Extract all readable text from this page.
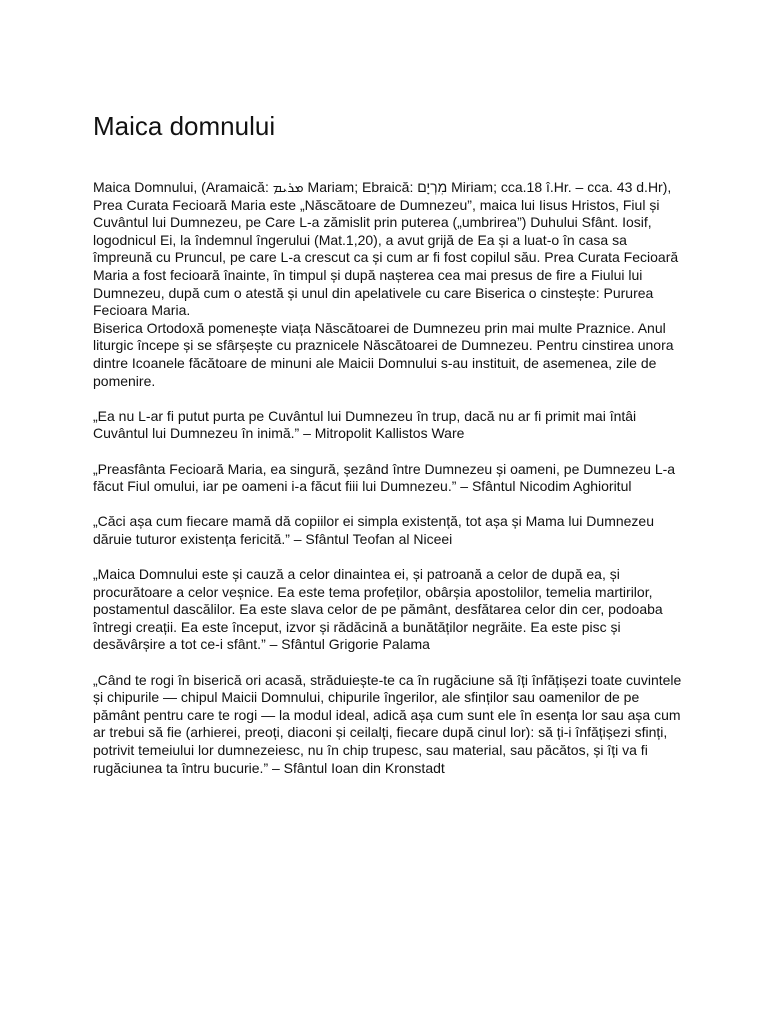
Maica domnului

Maica Domnului, (Aramaică: ܡܪܝܡ Mariam; Ebraică: מִרְיָם Miriam; cca.18 î.Hr. – cca. 43 d.Hr), Prea Curata Fecioară Maria este „Născătoare de Dumnezeu”, maica lui Iisus Hristos, Fiul și Cuvântul lui Dumnezeu, pe Care L-a zămislit prin puterea („umbrirea”) Duhului Sfânt. Iosif, logodnicul Ei, la îndemnul îngerului (Mat.1,20), a avut grijă de Ea și a luat-o în casa sa împreună cu Pruncul, pe care L-a crescut ca și cum ar fi fost copilul său. Prea Curata Fecioară Maria a fost fecioară înainte, în timpul și după nașterea cea mai presus de fire a Fiului lui Dumnezeu, după cum o atestă și unul din apelativele cu care Biserica o cinstește: Pururea Fecioara Maria.

Biserica Ortodoxă pomenește viața Născătoarei de Dumnezeu prin mai multe Praznice. Anul liturgic începe și se sfârșește cu praznicele Născătoarei de Dumnezeu. Pentru cinstirea unora dintre Icoanele făcătoare de minuni ale Maicii Domnului s-au instituit, de asemenea, zile de pomenire.

„Ea nu L-ar fi putut purta pe Cuvântul lui Dumnezeu în trup, dacă nu ar fi primit mai întâi Cuvântul lui Dumnezeu în inimă.” – Mitropolit Kallistos Ware

„Preasfânta Fecioară Maria, ea singură, șezând între Dumnezeu și oameni, pe Dumnezeu L-a făcut Fiul omului, iar pe oameni i-a făcut fiii lui Dumnezeu.” – Sfântul Nicodim Aghioritul

„Căci așa cum fiecare mamă dă copiilor ei simpla existență, tot așa și Mama lui Dumnezeu dăruie tuturor existența fericită.” – Sfântul Teofan al Niceei

„Maica Domnului este și cauză a celor dinaintea ei, și patroană a celor de după ea, și procurătoare a celor veșnice. Ea este tema profeților, obârșia apostolilor, temelia martirilor, postamentul dascălilor. Ea este slava celor de pe pământ, desfătarea celor din cer, podoaba întregi creații. Ea este început, izvor și rădăcină a bunătăților negrăite. Ea este pisc și desăvârșire a tot ce-i sfânt.” – Sfântul Grigorie Palama

„Când te rogi în biserică ori acasă, străduiește-te ca în rugăciune să îți înfățișezi toate cuvintele și chipurile — chipul Maicii Domnului, chipurile îngerilor, ale sfinților sau oamenilor de pe pământ pentru care te rogi — la modul ideal, adică așa cum sunt ele în esența lor sau așa cum ar trebui să fie (arhierei, preoți, diaconi și ceilalți, fiecare după cinul lor): să ți-i înfățișezi sfinți, potrivit temeiului lor dumnezeiesc, nu în chip trupesc, sau material, sau păcătos, și îți va fi rugăciunea ta întru bucurie.” – Sfântul Ioan din Kronstadt
